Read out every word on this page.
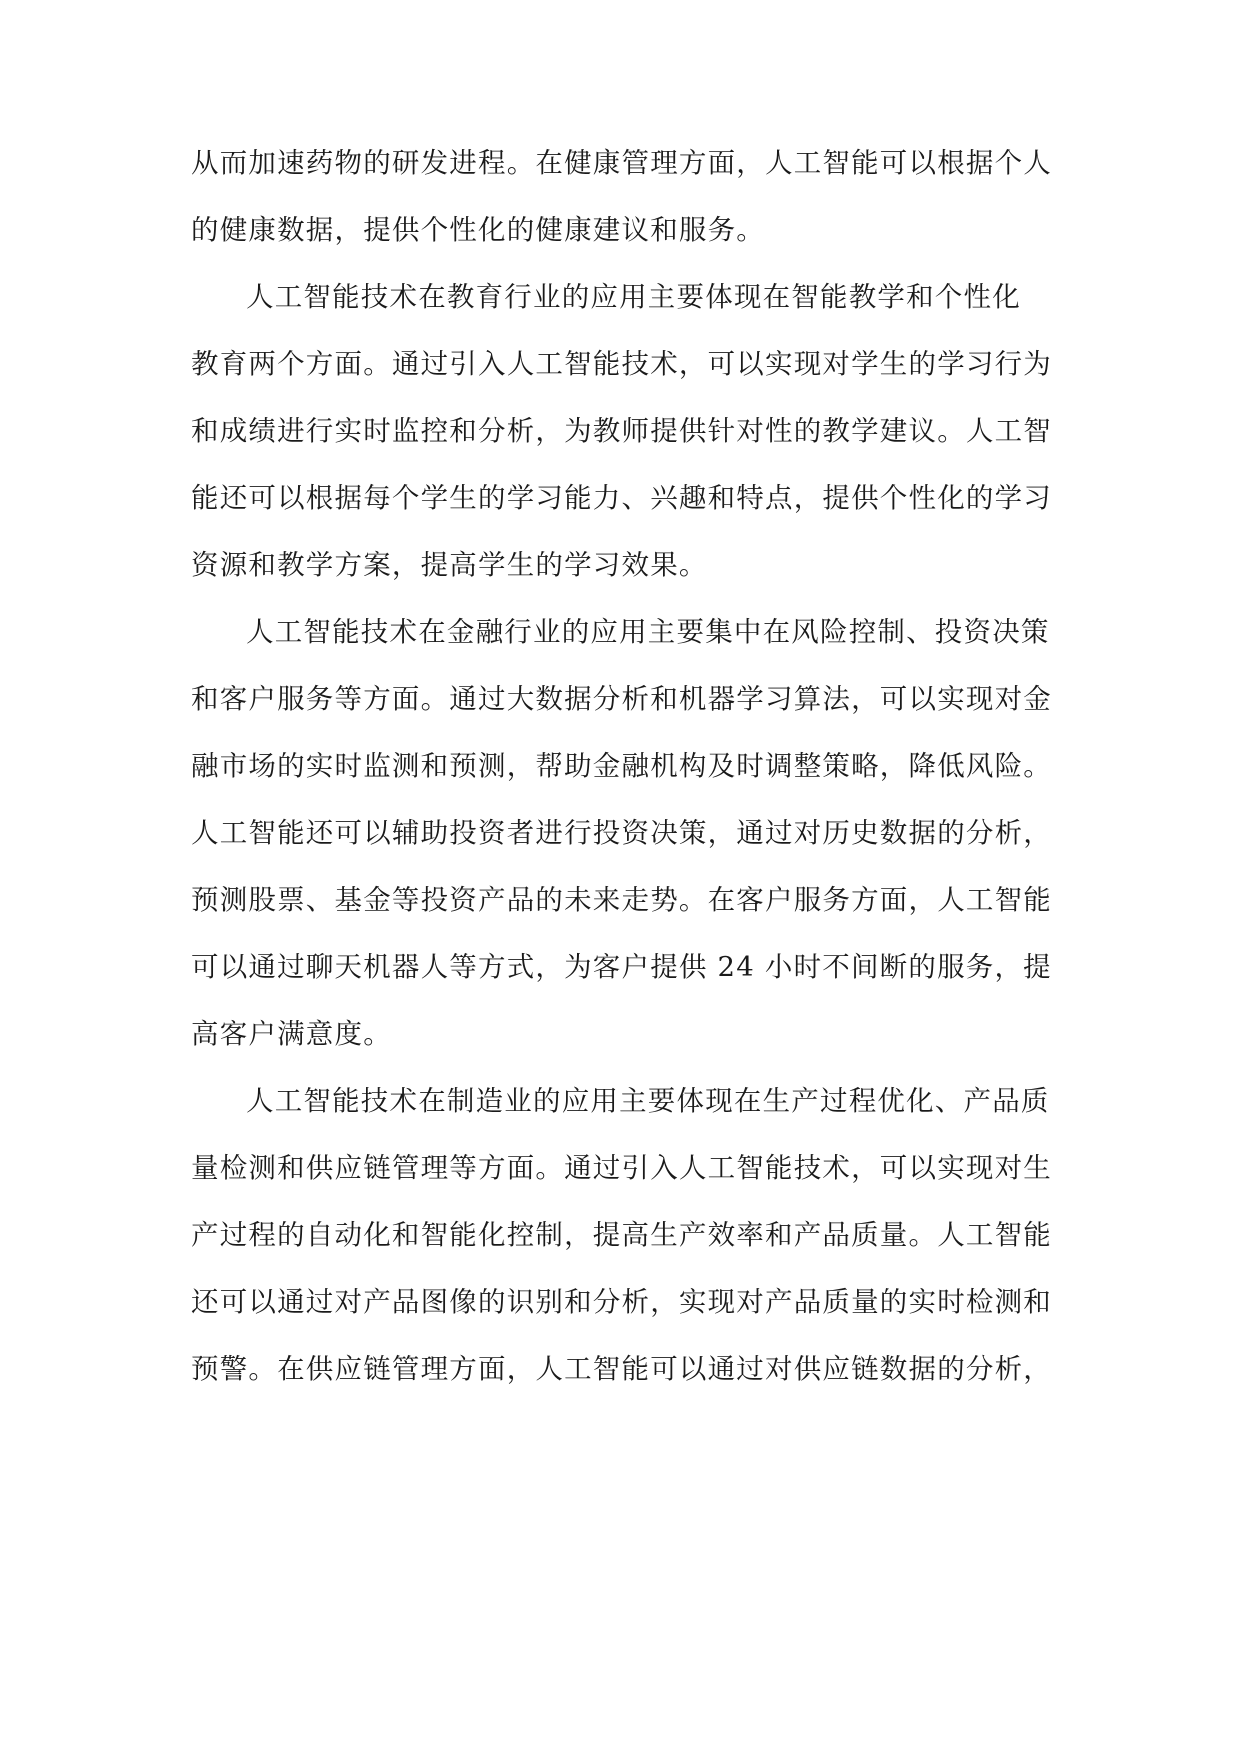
从而加速药物的研发进程。在健康管理方面，人工智能可以根据个人
的健康数据，提供个性化的健康建议和服务。
人工智能技术在教育行业的应用主要体现在智能教学和个性化
教育两个方面。通过引入人工智能技术，可以实现对学生的学习行为
和成绩进行实时监控和分析，为教师提供针对性的教学建议。人工智
能还可以根据每个学生的学习能力、兴趣和特点，提供个性化的学习
资源和教学方案，提高学生的学习效果。
人工智能技术在金融行业的应用主要集中在风险控制、投资决策
和客户服务等方面。通过大数据分析和机器学习算法，可以实现对金
融市场的实时监测和预测，帮助金融机构及时调整策略，降低风险。
人工智能还可以辅助投资者进行投资决策，通过对历史数据的分析，
预测股票、基金等投资产品的未来走势。在客户服务方面，人工智能
可以通过聊天机器人等方式，为客户提供 24 小时不间断的服务，提
高客户满意度。
人工智能技术在制造业的应用主要体现在生产过程优化、产品质
量检测和供应链管理等方面。通过引入人工智能技术，可以实现对生
产过程的自动化和智能化控制，提高生产效率和产品质量。人工智能
还可以通过对产品图像的识别和分析，实现对产品质量的实时检测和
预警。在供应链管理方面，人工智能可以通过对供应链数据的分析，
